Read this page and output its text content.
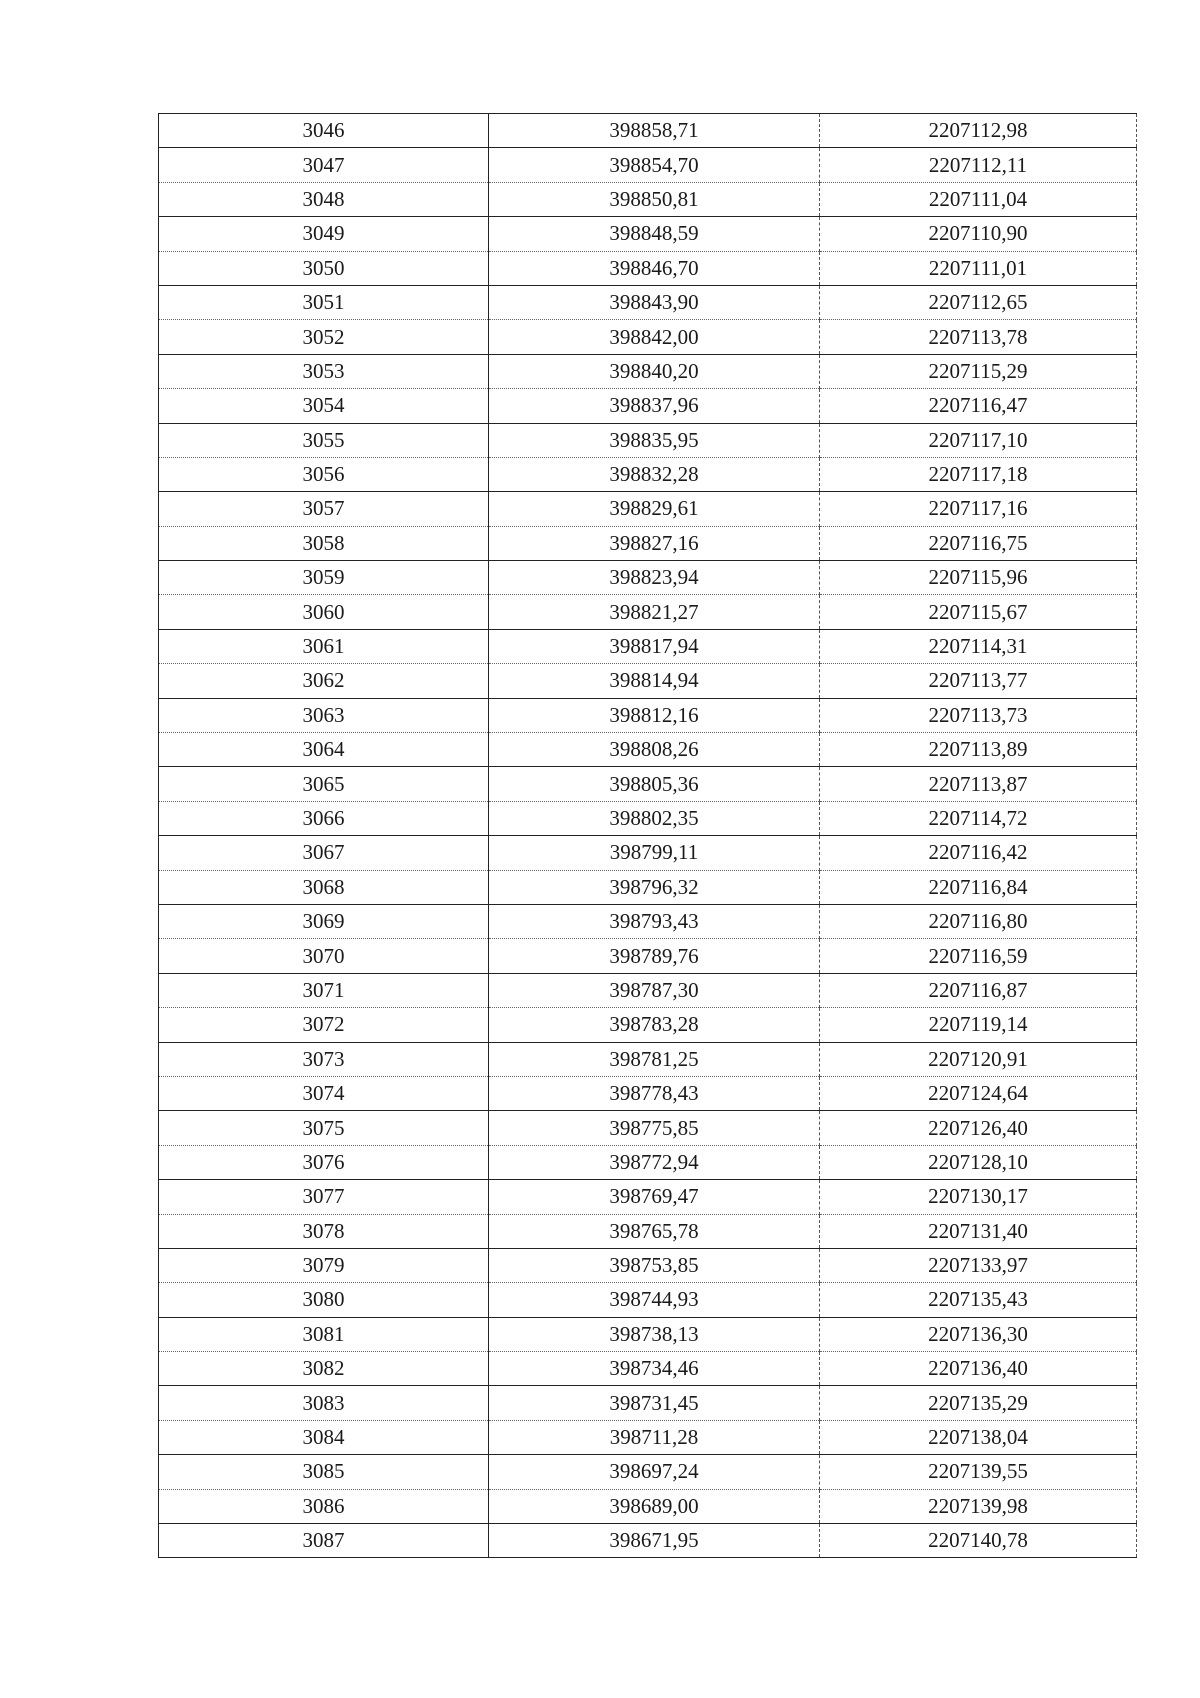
3046	398858,71	2207112,98
3047	398854,70	2207112,11
3048	398850,81	2207111,04
3049	398848,59	2207110,90
3050	398846,70	2207111,01
3051	398843,90	2207112,65
3052	398842,00	2207113,78
3053	398840,20	2207115,29
3054	398837,96	2207116,47
3055	398835,95	2207117,10
3056	398832,28	2207117,18
3057	398829,61	2207117,16
3058	398827,16	2207116,75
3059	398823,94	2207115,96
3060	398821,27	2207115,67
3061	398817,94	2207114,31
3062	398814,94	2207113,77
3063	398812,16	2207113,73
3064	398808,26	2207113,89
3065	398805,36	2207113,87
3066	398802,35	2207114,72
3067	398799,11	2207116,42
3068	398796,32	2207116,84
3069	398793,43	2207116,80
3070	398789,76	2207116,59
3071	398787,30	2207116,87
3072	398783,28	2207119,14
3073	398781,25	2207120,91
3074	398778,43	2207124,64
3075	398775,85	2207126,40
3076	398772,94	2207128,10
3077	398769,47	2207130,17
3078	398765,78	2207131,40
3079	398753,85	2207133,97
3080	398744,93	2207135,43
3081	398738,13	2207136,30
3082	398734,46	2207136,40
3083	398731,45	2207135,29
3084	398711,28	2207138,04
3085	398697,24	2207139,55
3086	398689,00	2207139,98
3087	398671,95	2207140,78
